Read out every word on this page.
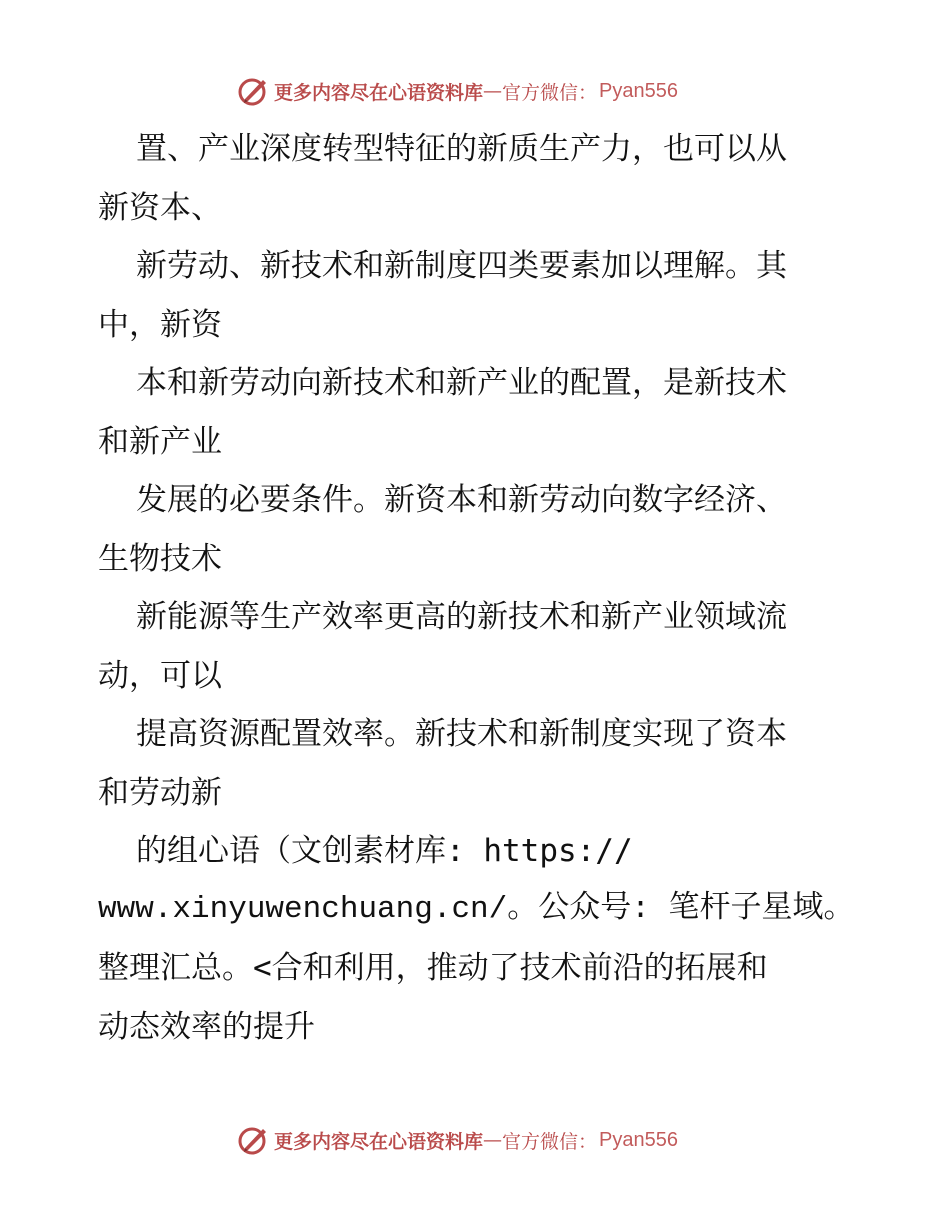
更多内容尽在心语资料库 — 官方微信： Pyan556
置、产业深度转型特征的新质生产力，也可以从
新资本、
新劳动、新技术和新制度四类要素加以理解。其
中，新资
本和新劳动向新技术和新产业的配置，是新技术
和新产业
发展的必要条件。新资本和新劳动向数字经济、
生物技术
新能源等生产效率更高的新技术和新产业领域流
动，可以
提高资源配置效率。新技术和新制度实现了资本
和劳动新
的组心语（文创素材库: https://
www.xinyuwenchuang.cn/。公众号: 笔杆子星域。
整理汇总。<合和利用，推动了技术前沿的拓展和
动态效率的提升
更多内容尽在心语资料库 — 官方微信： Pyan556
